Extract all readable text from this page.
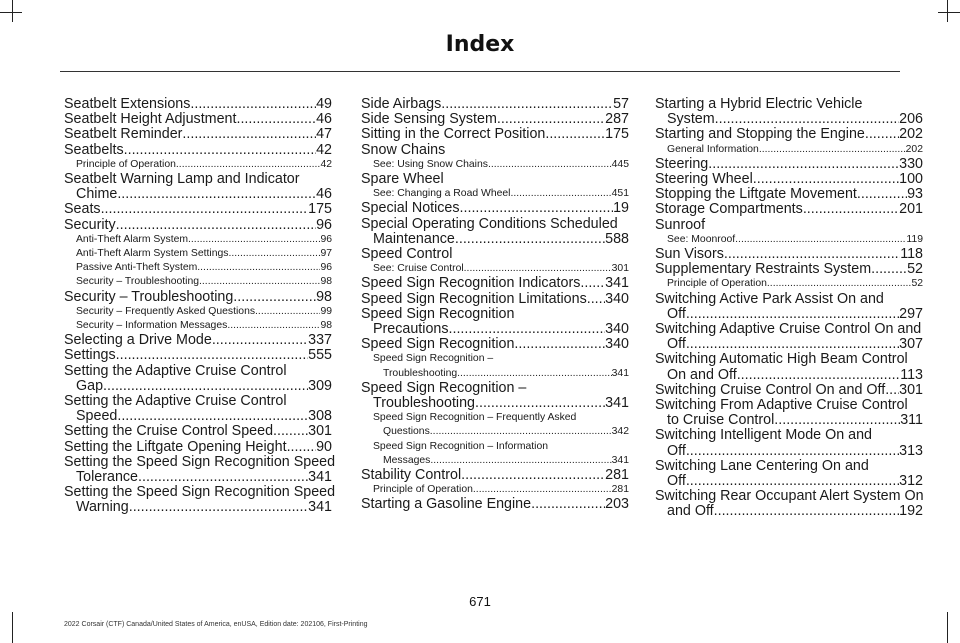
Index
Seatbelt Extensions .....	49
Seatbelt Height Adjustment .....	46
Seatbelt Reminder .....	47
Seatbelts .....	42
Principle of Operation .....	42
Seatbelt Warning Lamp and Indicator
Chime .....	46
Seats .....	175
Security .....	96
Anti-Theft Alarm System .....	96
Anti-Theft Alarm System Settings .....	97
Passive Anti-Theft System .....	96
Security – Troubleshooting .....	98
Security – Troubleshooting .....	98
Security – Frequently Asked Questions .....	99
Security – Information Messages .....	98
Selecting a Drive Mode .....	337
Settings .....	555
Setting the Adaptive Cruise Control
Gap .....	309
Setting the Adaptive Cruise Control
Speed .....	308
Setting the Cruise Control Speed ..... 301
Setting the Liftgate Opening Height ..... 90
Setting the Speed Sign Recognition Speed
Tolerance .....	341
Setting the Speed Sign Recognition Speed
Warning .....	341
Side Airbags .....	57
Side Sensing System .....	287
Sitting in the Correct Position .....	175
Snow Chains
See: Using Snow Chains .....	445
Spare Wheel
See: Changing a Road Wheel .....	451
Special Notices .....	19
Special Operating Conditions Scheduled
Maintenance .....	588
Speed Control
See: Cruise Control .....	301
Speed Sign Recognition Indicators ..... 341
Speed Sign Recognition Limitations ..... 340
Speed Sign Recognition
Precautions .....	340
Speed Sign Recognition .....	340
Speed Sign Recognition –
Troubleshooting .....	341
Speed Sign Recognition –
Troubleshooting .....	341
Speed Sign Recognition – Frequently Asked
Questions .....	342
Speed Sign Recognition – Information
Messages .....	341
Stability Control .....	281
Principle of Operation .....	281
Starting a Gasoline Engine .....	203
Starting a Hybrid Electric Vehicle
System .....	206
Starting and Stopping the Engine ..... 202
General Information .....	202
Steering .....	330
Steering Wheel .....	100
Stopping the Liftgate Movement .....	93
Storage Compartments .....	201
Sunroof
See: Moonroof .....	119
Sun Visors .....	118
Supplementary Restraints System .....	52
Principle of Operation .....	52
Switching Active Park Assist On and
Off .....	297
Switching Adaptive Cruise Control On and
Off .....	307
Switching Automatic High Beam Control
On and Off .....	113
Switching Cruise Control On and Off ..... 301
Switching From Adaptive Cruise Control
to Cruise Control .....	311
Switching Intelligent Mode On and
Off .....	313
Switching Lane Centering On and
Off .....	312
Switching Rear Occupant Alert System On
and Off .....	192
671
2022 Corsair (CTF) Canada/United States of America, enUSA, Edition date: 202106, First-Printing
